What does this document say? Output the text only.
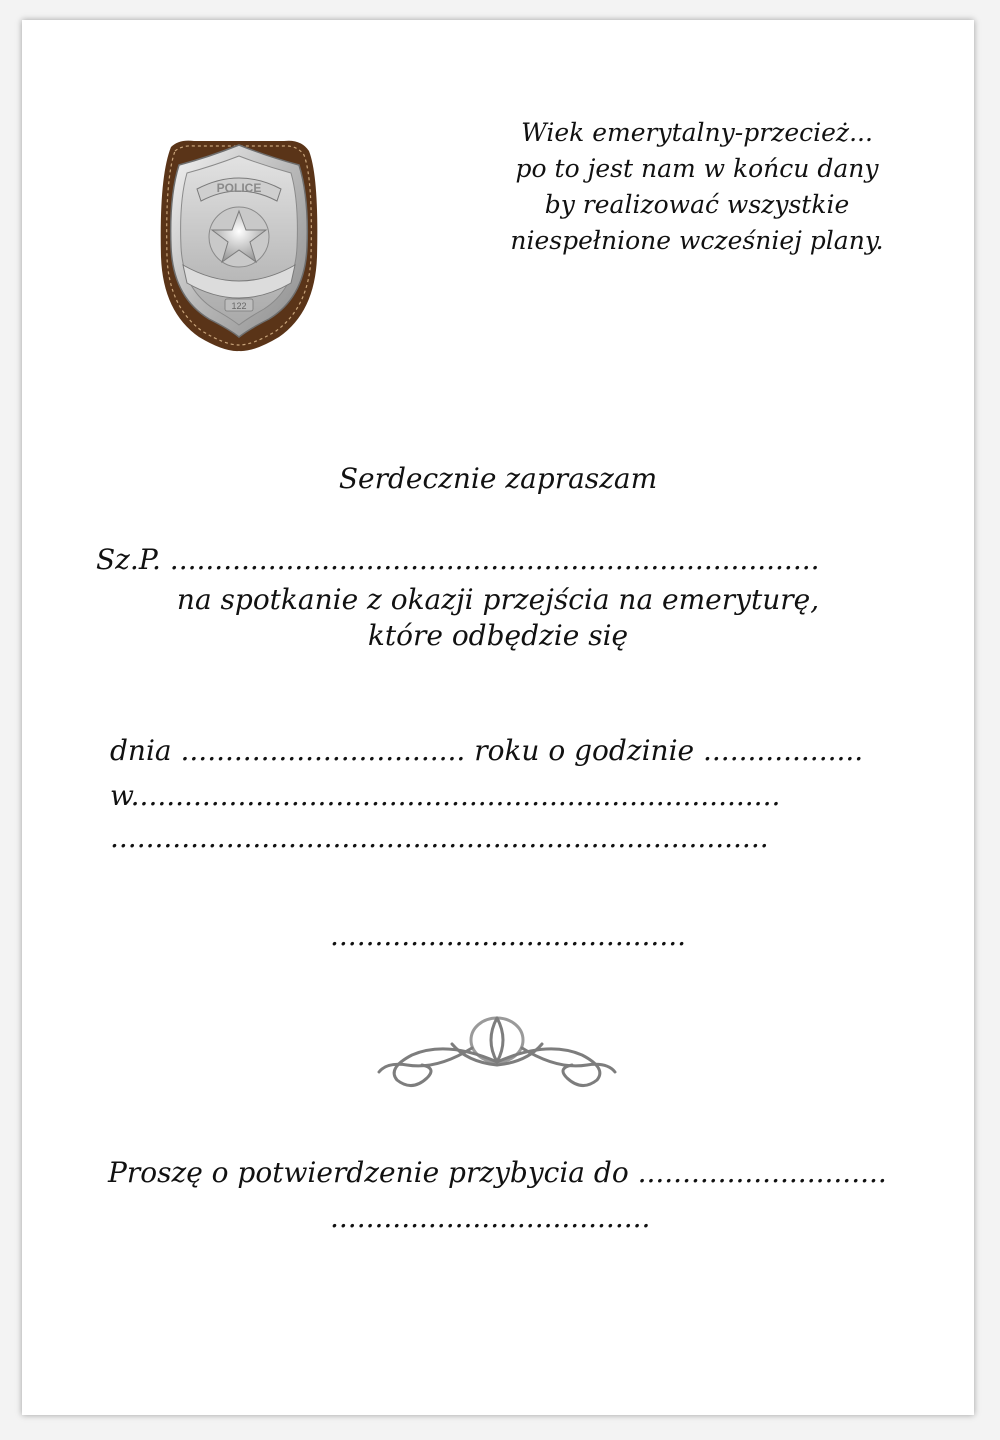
POLICE
122
Wiek emerytalny-przecież...
po to jest nam w końcu dany
by realizować wszystkie
niespełnione wcześniej plany.
Serdecznie zapraszam
Sz.P. .........................................................................
na spotkanie z okazji przejścia na emeryturę,
które odbędzie się
dnia ................................ roku o godzinie ..................
w.........................................................................
..........................................................................
........................................
Proszę o potwierdzenie przybycia do ............................
....................................
